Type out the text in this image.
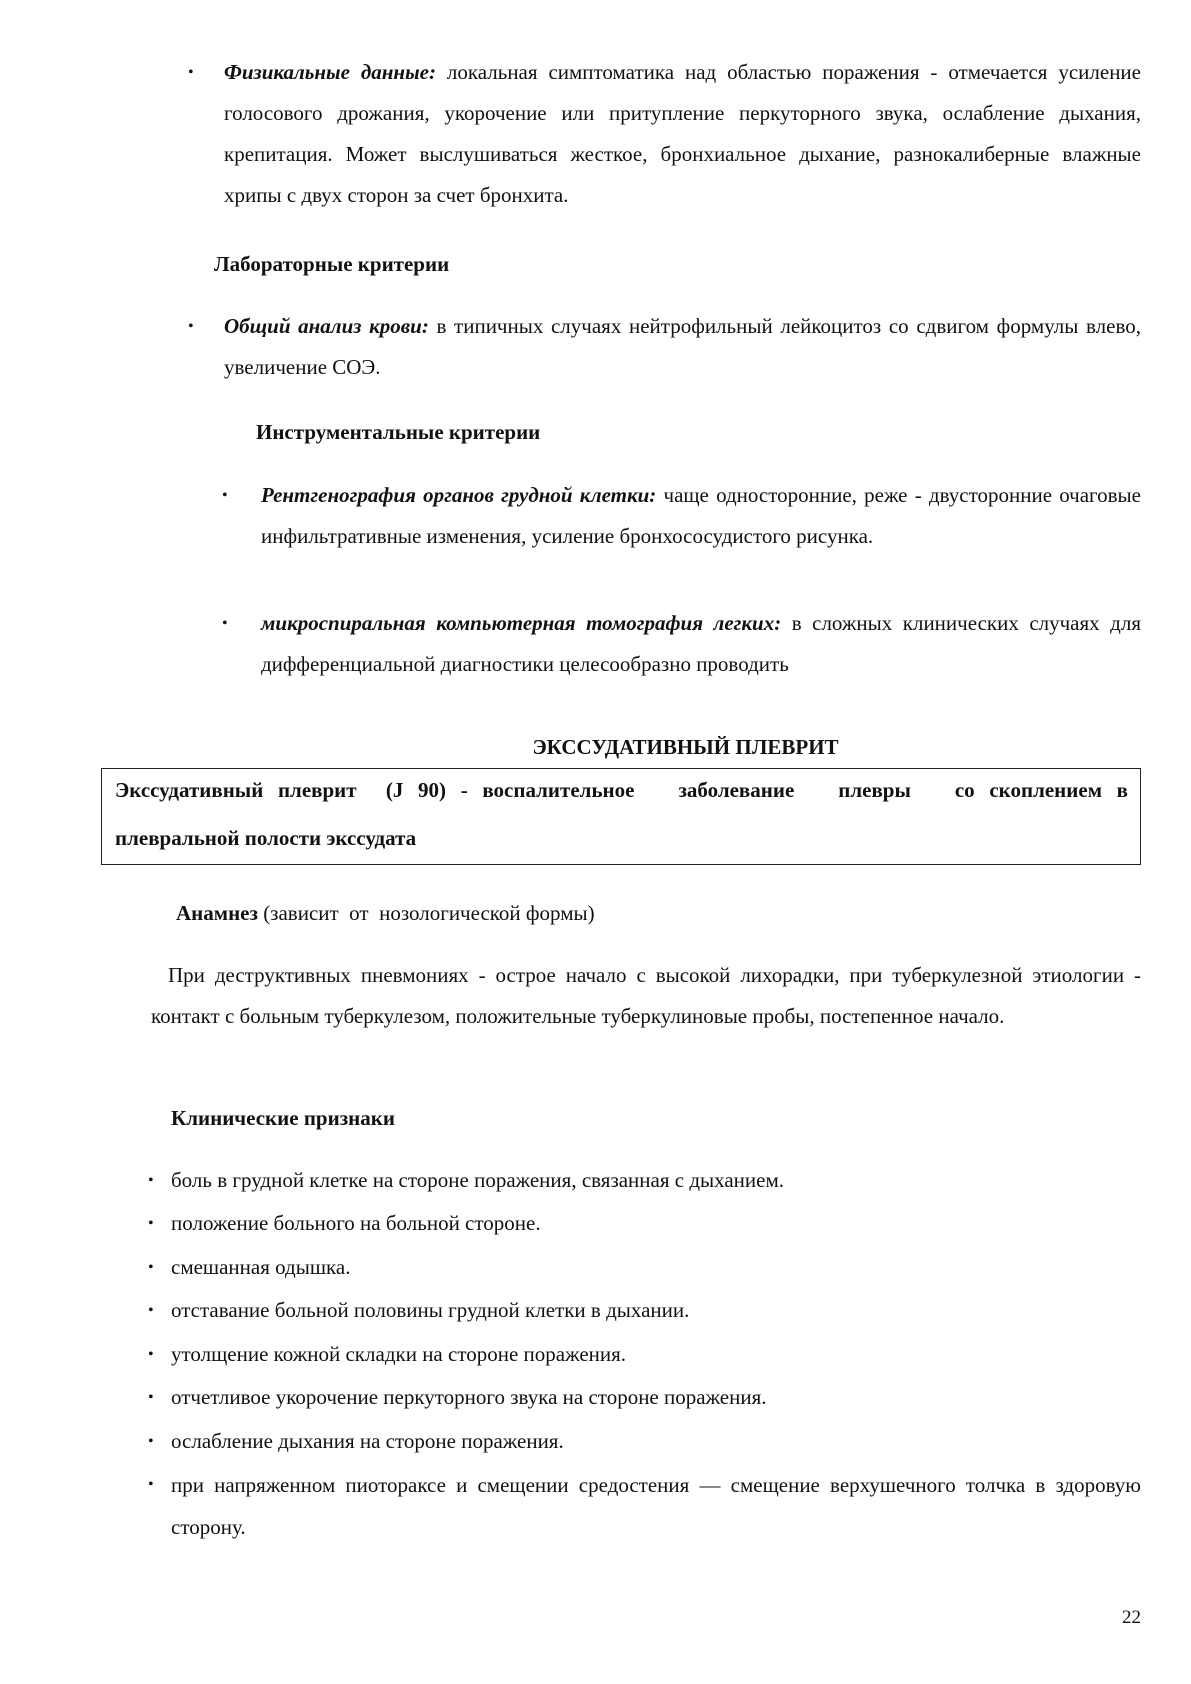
• Физикальные данные: локальная симптоматика над областью поражения - отмечается усиление голосового дрожания, укорочение или притупление перкуторного звука, ослабление дыхания, крепитация. Может выслушиваться жесткое, бронхиальное дыхание, разнокалиберные влажные хрипы с двух сторон за счет бронхита.
Лабораторные критерии
• Общий анализ крови: в типичных случаях нейтрофильный лейкоцитоз со сдвигом формулы влево, увеличение СОЭ.
Инструментальные критерии
• Рентгенография органов грудной клетки: чаще односторонние, реже - двусторонние очаговые инфильтративные изменения, усиление бронхососудистого рисунка.
• микроспиральная компьютерная томография легких: в сложных клинических случаях для дифференциальной диагностики целесообразно проводить
ЭКССУДАТИВНЫЙ ПЛЕВРИТ
Экссудативный плеврит  (J 90) - воспалительное   заболевание   плевры   со скоплением в
плевральной полости экссудата
Анамнез (зависит  от  нозологической формы)
При деструктивных пневмониях - острое начало с высокой лихорадки, при туберкулезной этиологии - контакт с больным туберкулезом, положительные туберкулиновые пробы, постепенное начало.
Клинические признаки
• боль в грудной клетке на стороне поражения, связанная с дыханием.
• положение больного на больной стороне.
• смешанная одышка.
• отставание больной половины грудной клетки в дыхании.
• утолщение кожной складки на стороне поражения.
• отчетливое укорочение перкуторного звука на стороне поражения.
• ослабление дыхания на стороне поражения.
• при напряженном пиотораксе и смещении средостения — смещение верхушечного толчка в здоровую сторону.
22
